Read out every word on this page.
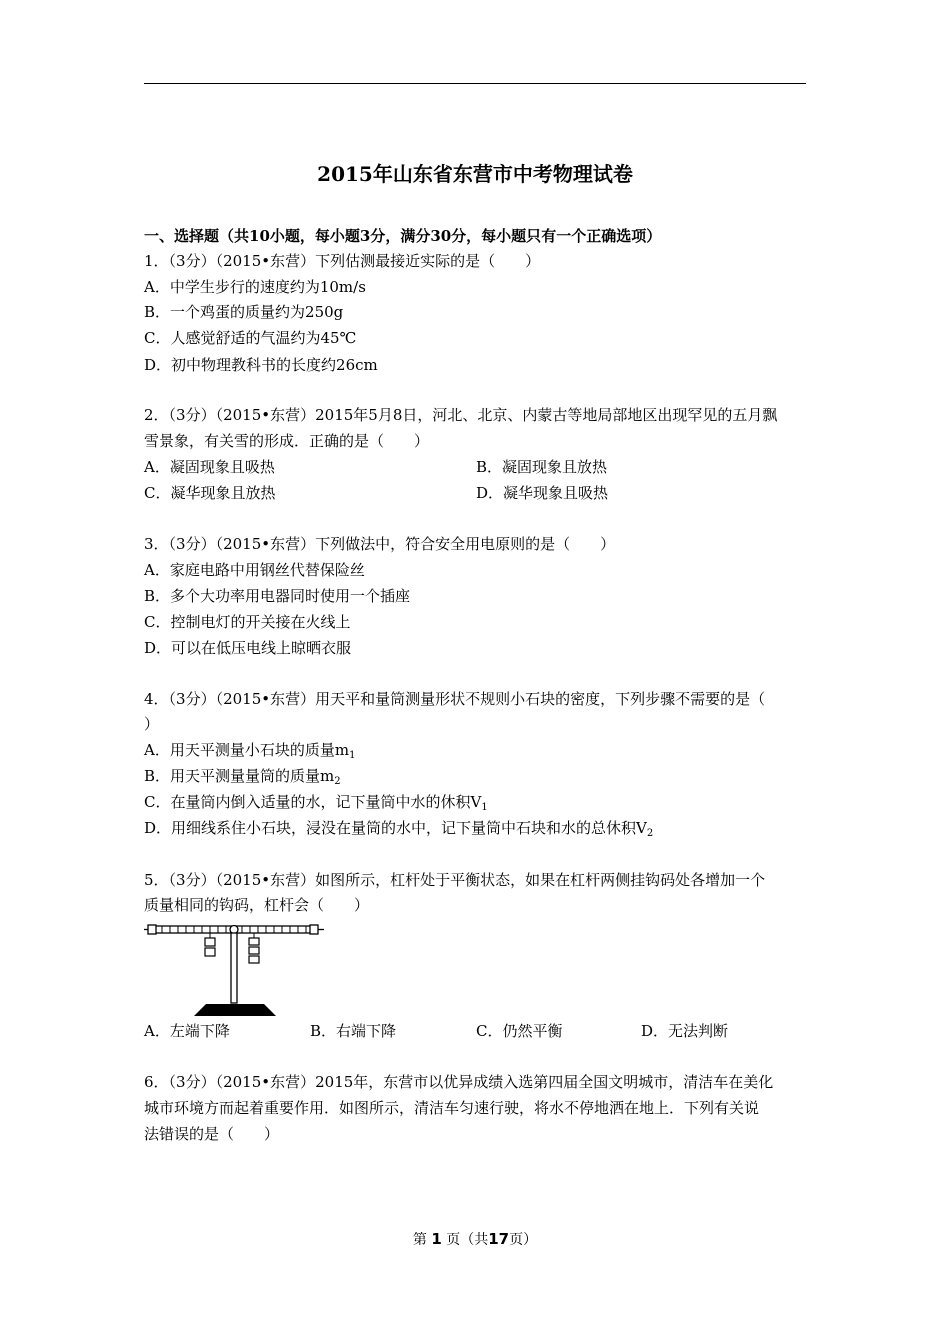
2015年山东省东营市中考物理试卷
一、选择题（共10小题，每小题3分，满分30分，每小题只有一个正确选项）
1．（3分）（2015•东营）下列估测最接近实际的是（　　）
A．中学生步行的速度约为10m/s
B．一个鸡蛋的质量约为250g
C．人感觉舒适的气温约为45℃
D．初中物理教科书的长度约26cm
2．（3分）（2015•东营）2015年5月8日，河北、北京、内蒙古等地局部地区出现罕见的五月飘
雪景象，有关雪的形成．正确的是（　　）
A．凝固现象且吸热	B．凝固现象且放热
C．凝华现象且放热	D．凝华现象且吸热
3．（3分）（2015•东营）下列做法中，符合安全用电原则的是（　　）
A．家庭电路中用钢丝代替保险丝
B．多个大功率用电器同时使用一个插座
C．控制电灯的开关接在火线上
D．可以在低压电线上晾晒衣服
4．（3分）（2015•东营）用天平和量筒测量形状不规则小石块的密度，下列步骤不需要的是（
）
A．用天平测量小石块的质量$m_1$
B．用天平测量量筒的质量$m_2$
C．在量筒内倒入适量的水，记下量筒中水的休积$V_1$
D．用细线系住小石块，浸没在量筒的水中，记下量筒中石块和水的总休积$V_2$
5．（3分）（2015•东营）如图所示，杠杆处于平衡状态，如果在杠杆两侧挂钩码处各增加一个
质量相同的钩码，杠杆会（　　）
A．左端下降	B．右端下降	C．仍然平衡	D．无法判断
6．（3分）（2015•东营）2015年，东营市以优异成绩入选第四届全国文明城市，清洁车在美化
城市环境方而起着重要作用．如图所示，清洁车匀速行驶，将水不停地洒在地上．下列有关说
法错误的是（　　）
第 1 页（共17页）
